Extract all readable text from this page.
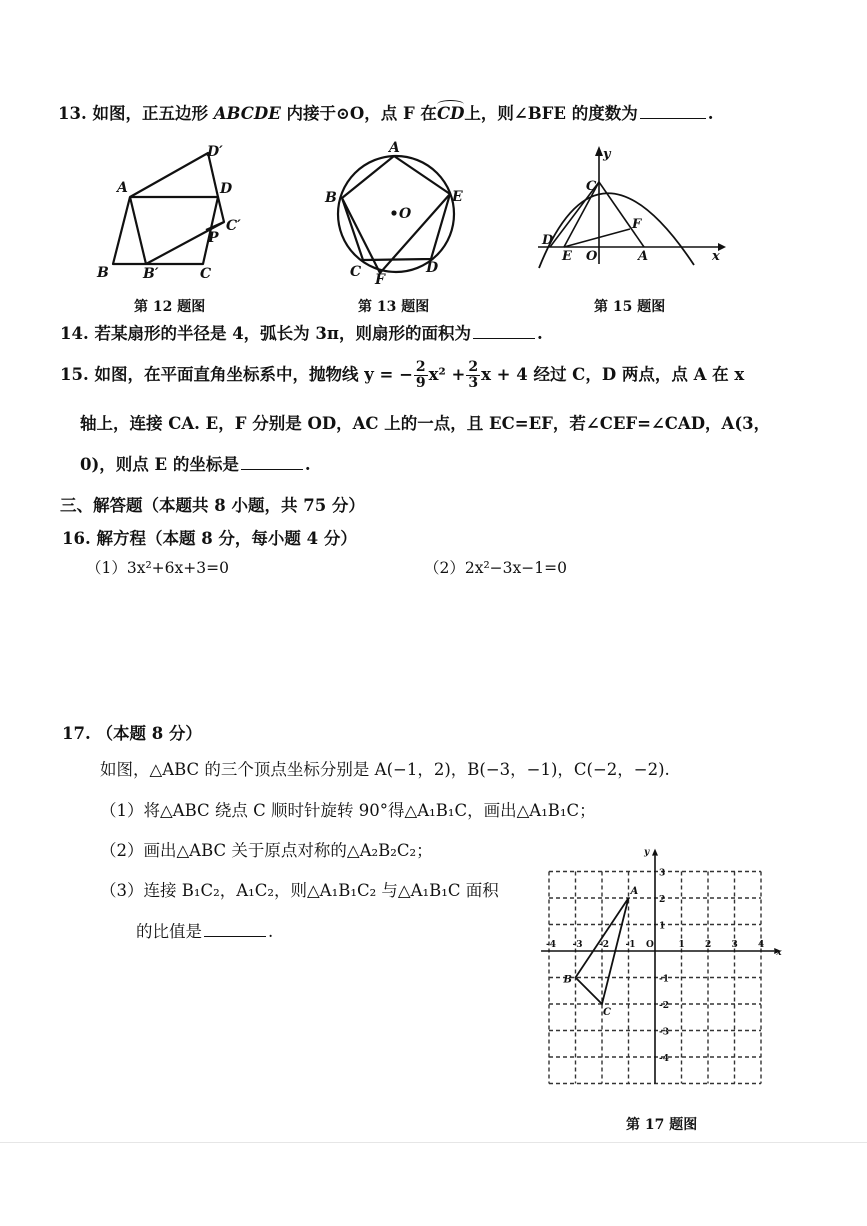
13. 如图，正五边形 ABCDE 内接于⊙O，点 F 在
CD上，则∠BFE 的度数为	.
A	D
D′
C′
P
B B′	C
第 12 题图
A
B	E
O
C F
D
第 13 题图
y
C
F
D
E O	A	x
第 15 题图
14. 若某扇形的半径是 4，弧长为 3π，则扇形的面积为	.
15. 如图，在平面直角坐标系中，抛物线 y = − $\frac{2}{9} x^2 + \frac{2}{3}$ x + 4 经过 C，D 两点，点 A 在 x
轴上，连接 CA. E，F 分别是 OD，AC 上的一点，且 EC=EF，若∠CEF=∠CAD，A(3，
0)，则点 E 的坐标是	.
三、解答题（本题共 8 小题，共 75 分）
16. 解方程（本题 8 分，每小题 4 分）
（1）3x²+6x+3=0	（2）2x²−3x−1=0
17. （本题 8 分）
如图，△ABC 的三个顶点坐标分别是 A(−1，2)，B(−3，−1)，C(−2，−2).
（1）将△ABC 绕点 C 顺时针旋转 90°得△A₁B₁C，画出△A₁B₁C；
（2）画出△ABC 关于原点对称的△A₂B₂C₂；
（3）连接 B₁C₂，A₁C₂，则△A₁B₁C₂ 与△A₁B₁C 面积
的比值是	.
-4 -3 -2 -1 O	1 2 3 4
3
2
1
-1
-2
-3
-4
x
y
A
B
C
第 17 题图
